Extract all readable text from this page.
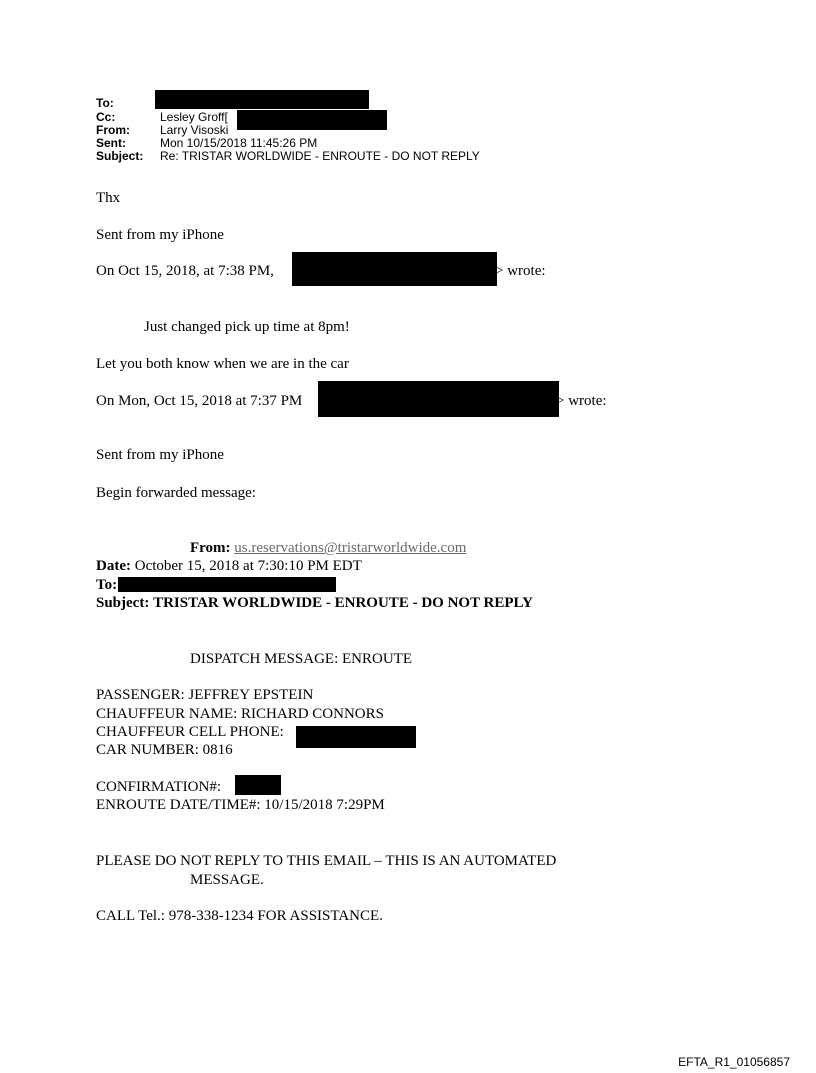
To:
Cc:	Lesley Groff[
From:	Larry Visoski
Sent:	Mon 10/15/2018 11:45:26 PM
Subject: Re: TRISTAR WORLDWIDE - ENROUTE - DO NOT REPLY
Thx
Sent from my iPhone
On Oct 15, 2018, at 7:38 PM,	> wrote:
Just changed pick up time at 8pm!
Let you both know when we are in the car
On Mon, Oct 15, 2018 at 7:37 PM	> wrote:
Sent from my iPhone
Begin forwarded message:
From: us.reservations@tristarworldwide.com
Date: October 15, 2018 at 7:30:10 PM EDT
To:
Subject: TRISTAR WORLDWIDE - ENROUTE - DO NOT REPLY
DISPATCH MESSAGE: ENROUTE
PASSENGER: JEFFREY EPSTEIN
CHAUFFEUR NAME: RICHARD CONNORS
CHAUFFEUR CELL PHONE:
CAR NUMBER: 0816
CONFIRMATION#:
ENROUTE DATE/TIME#: 10/15/2018 7:29PM
PLEASE DO NOT REPLY TO THIS EMAIL – THIS IS AN AUTOMATED
MESSAGE.
CALL Tel.: 978-338-1234 FOR ASSISTANCE.
EFTA_R1_01056857
